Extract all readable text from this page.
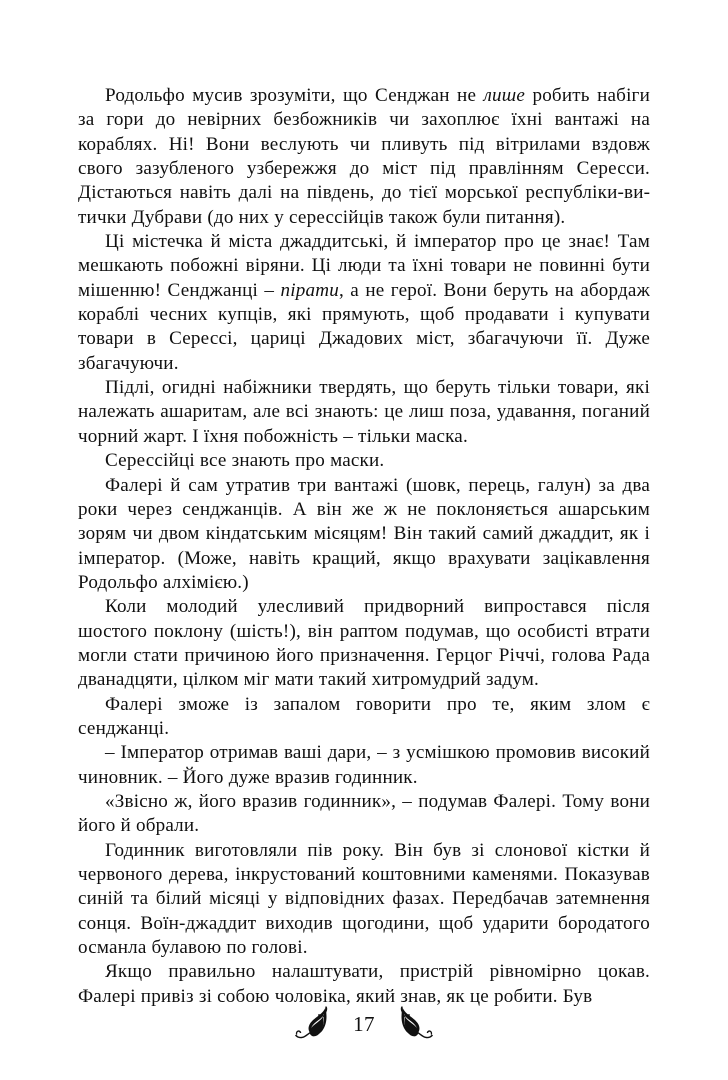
Родольфо мусив зрозуміти, що Сенджан не лише робить набіги за гори до невірних безбожників чи захоплює їхні вантажі на кораблях. Ні! Вони веслують чи пливуть під вітрилами вздовж свого зазубленого узбережжя до міст під правлінням Сересси. Дістаються навіть далі на південь, до тієї морської республіки-витички Дубрави (до них у серессійців також були питання).

Ці містечка й міста джаддитські, й імператор про це знає! Там мешкають побожні віряни. Ці люди та їхні товари не повинні бути мішенню! Сенджанці – пірати, а не герої. Вони беруть на абордаж кораблі чесних купців, які прямують, щоб продавати і купувати товари в Серессі, цариці Джадових міст, збагачуючи її. Дуже збагачуючи.

Підлі, огидні набіжники твердять, що беруть тільки товари, які належать ашаритам, але всі знають: це лиш поза, удавання, поганий чорний жарт. І їхня побожність – тільки маска.

Серессійці все знають про маски.

Фалері й сам утратив три вантажі (шовк, перець, галун) за два роки через сенджанців. А він же ж не поклоняється ашарським зорям чи двом кіндатським місяцям! Він такий самий джаддит, як і імператор. (Може, навіть кращий, якщо врахувати зацікавлення Родольфо алхімією.)

Коли молодий улесливий придворний випростався після шостого поклону (шість!), він раптом подумав, що особисті втрати могли стати причиною його призначення. Герцог Річчі, голова Рада дванадцяти, цілком міг мати такий хитромудрий задум.

Фалері зможе із запалом говорити про те, яким злом є сенджанці.

– Імператор отримав ваші дари, – з усмішкою промовив високий чиновник. – Його дуже вразив годинник.

«Звісно ж, його вразив годинник», – подумав Фалері. Тому вони його й обрали.

Годинник виготовляли пів року. Він був зі слонової кістки й червоного дерева, інкрустований коштовними каменями. Показував синій та білий місяці у відповідних фазах. Передбачав затемнення сонця. Воїн-джаддит виходив щогодини, щоб ударити бородатого османла булавою по голові.

Якщо правильно налаштувати, пристрій рівномірно цокав. Фалері привіз зі собою чоловіка, який знав, як це робити. Був

17
